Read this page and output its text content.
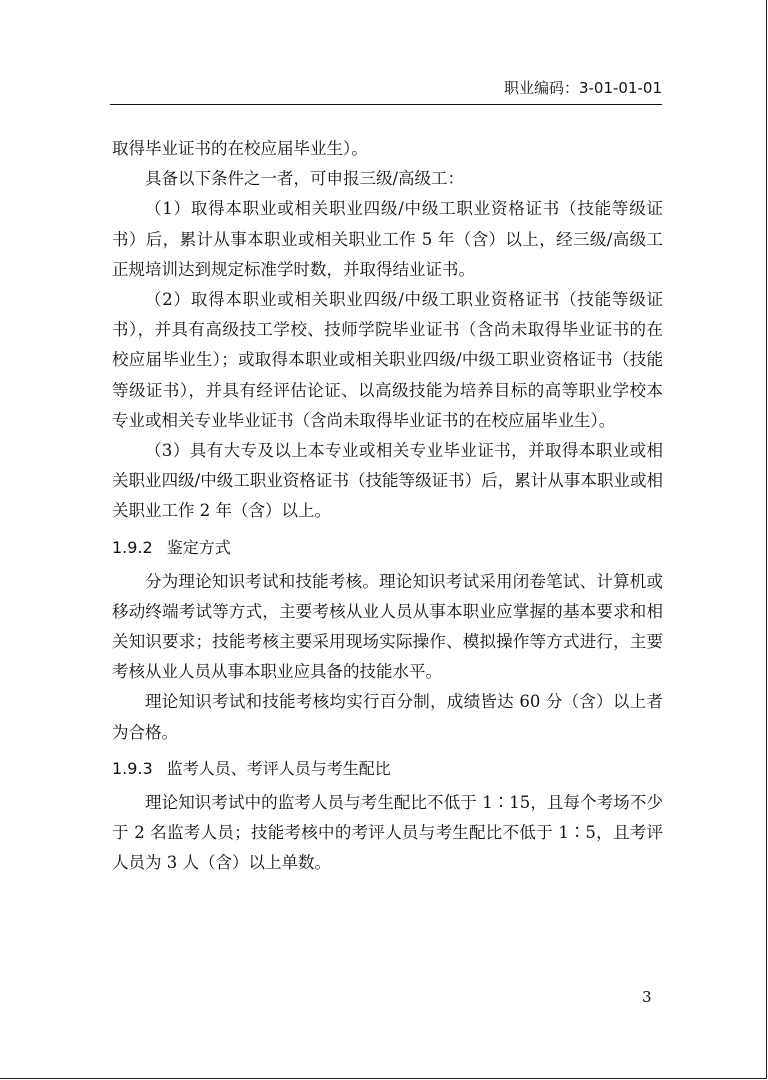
职业编码：3-01-01-01

取得毕业证书的在校应届毕业生）。

具备以下条件之一者，可申报三级/高级工：

（1）取得本职业或相关职业四级/中级工职业资格证书（技能等级证书）后，累计从事本职业或相关职业工作 5 年（含）以上，经三级/高级工正规培训达到规定标准学时数，并取得结业证书。

（2）取得本职业或相关职业四级/中级工职业资格证书（技能等级证书），并具有高级技工学校、技师学院毕业证书（含尚未取得毕业证书的在校应届毕业生）；或取得本职业或相关职业四级/中级工职业资格证书（技能等级证书），并具有经评估论证、以高级技能为培养目标的高等职业学校本专业或相关专业毕业证书（含尚未取得毕业证书的在校应届毕业生）。

（3）具有大专及以上本专业或相关专业毕业证书，并取得本职业或相关职业四级/中级工职业资格证书（技能等级证书）后，累计从事本职业或相关职业工作 2 年（含）以上。

1.9.2 鉴定方式

分为理论知识考试和技能考核。理论知识考试采用闭卷笔试、计算机或移动终端考试等方式，主要考核从业人员从事本职业应掌握的基本要求和相关知识要求；技能考核主要采用现场实际操作、模拟操作等方式进行，主要考核从业人员从事本职业应具备的技能水平。

理论知识考试和技能考核均实行百分制，成绩皆达 60 分（含）以上者为合格。

1.9.3 监考人员、考评人员与考生配比

理论知识考试中的监考人员与考生配比不低于 1∶15，且每个考场不少于 2 名监考人员；技能考核中的考评人员与考生配比不低于 1∶5，且考评人员为 3 人（含）以上单数。

3
